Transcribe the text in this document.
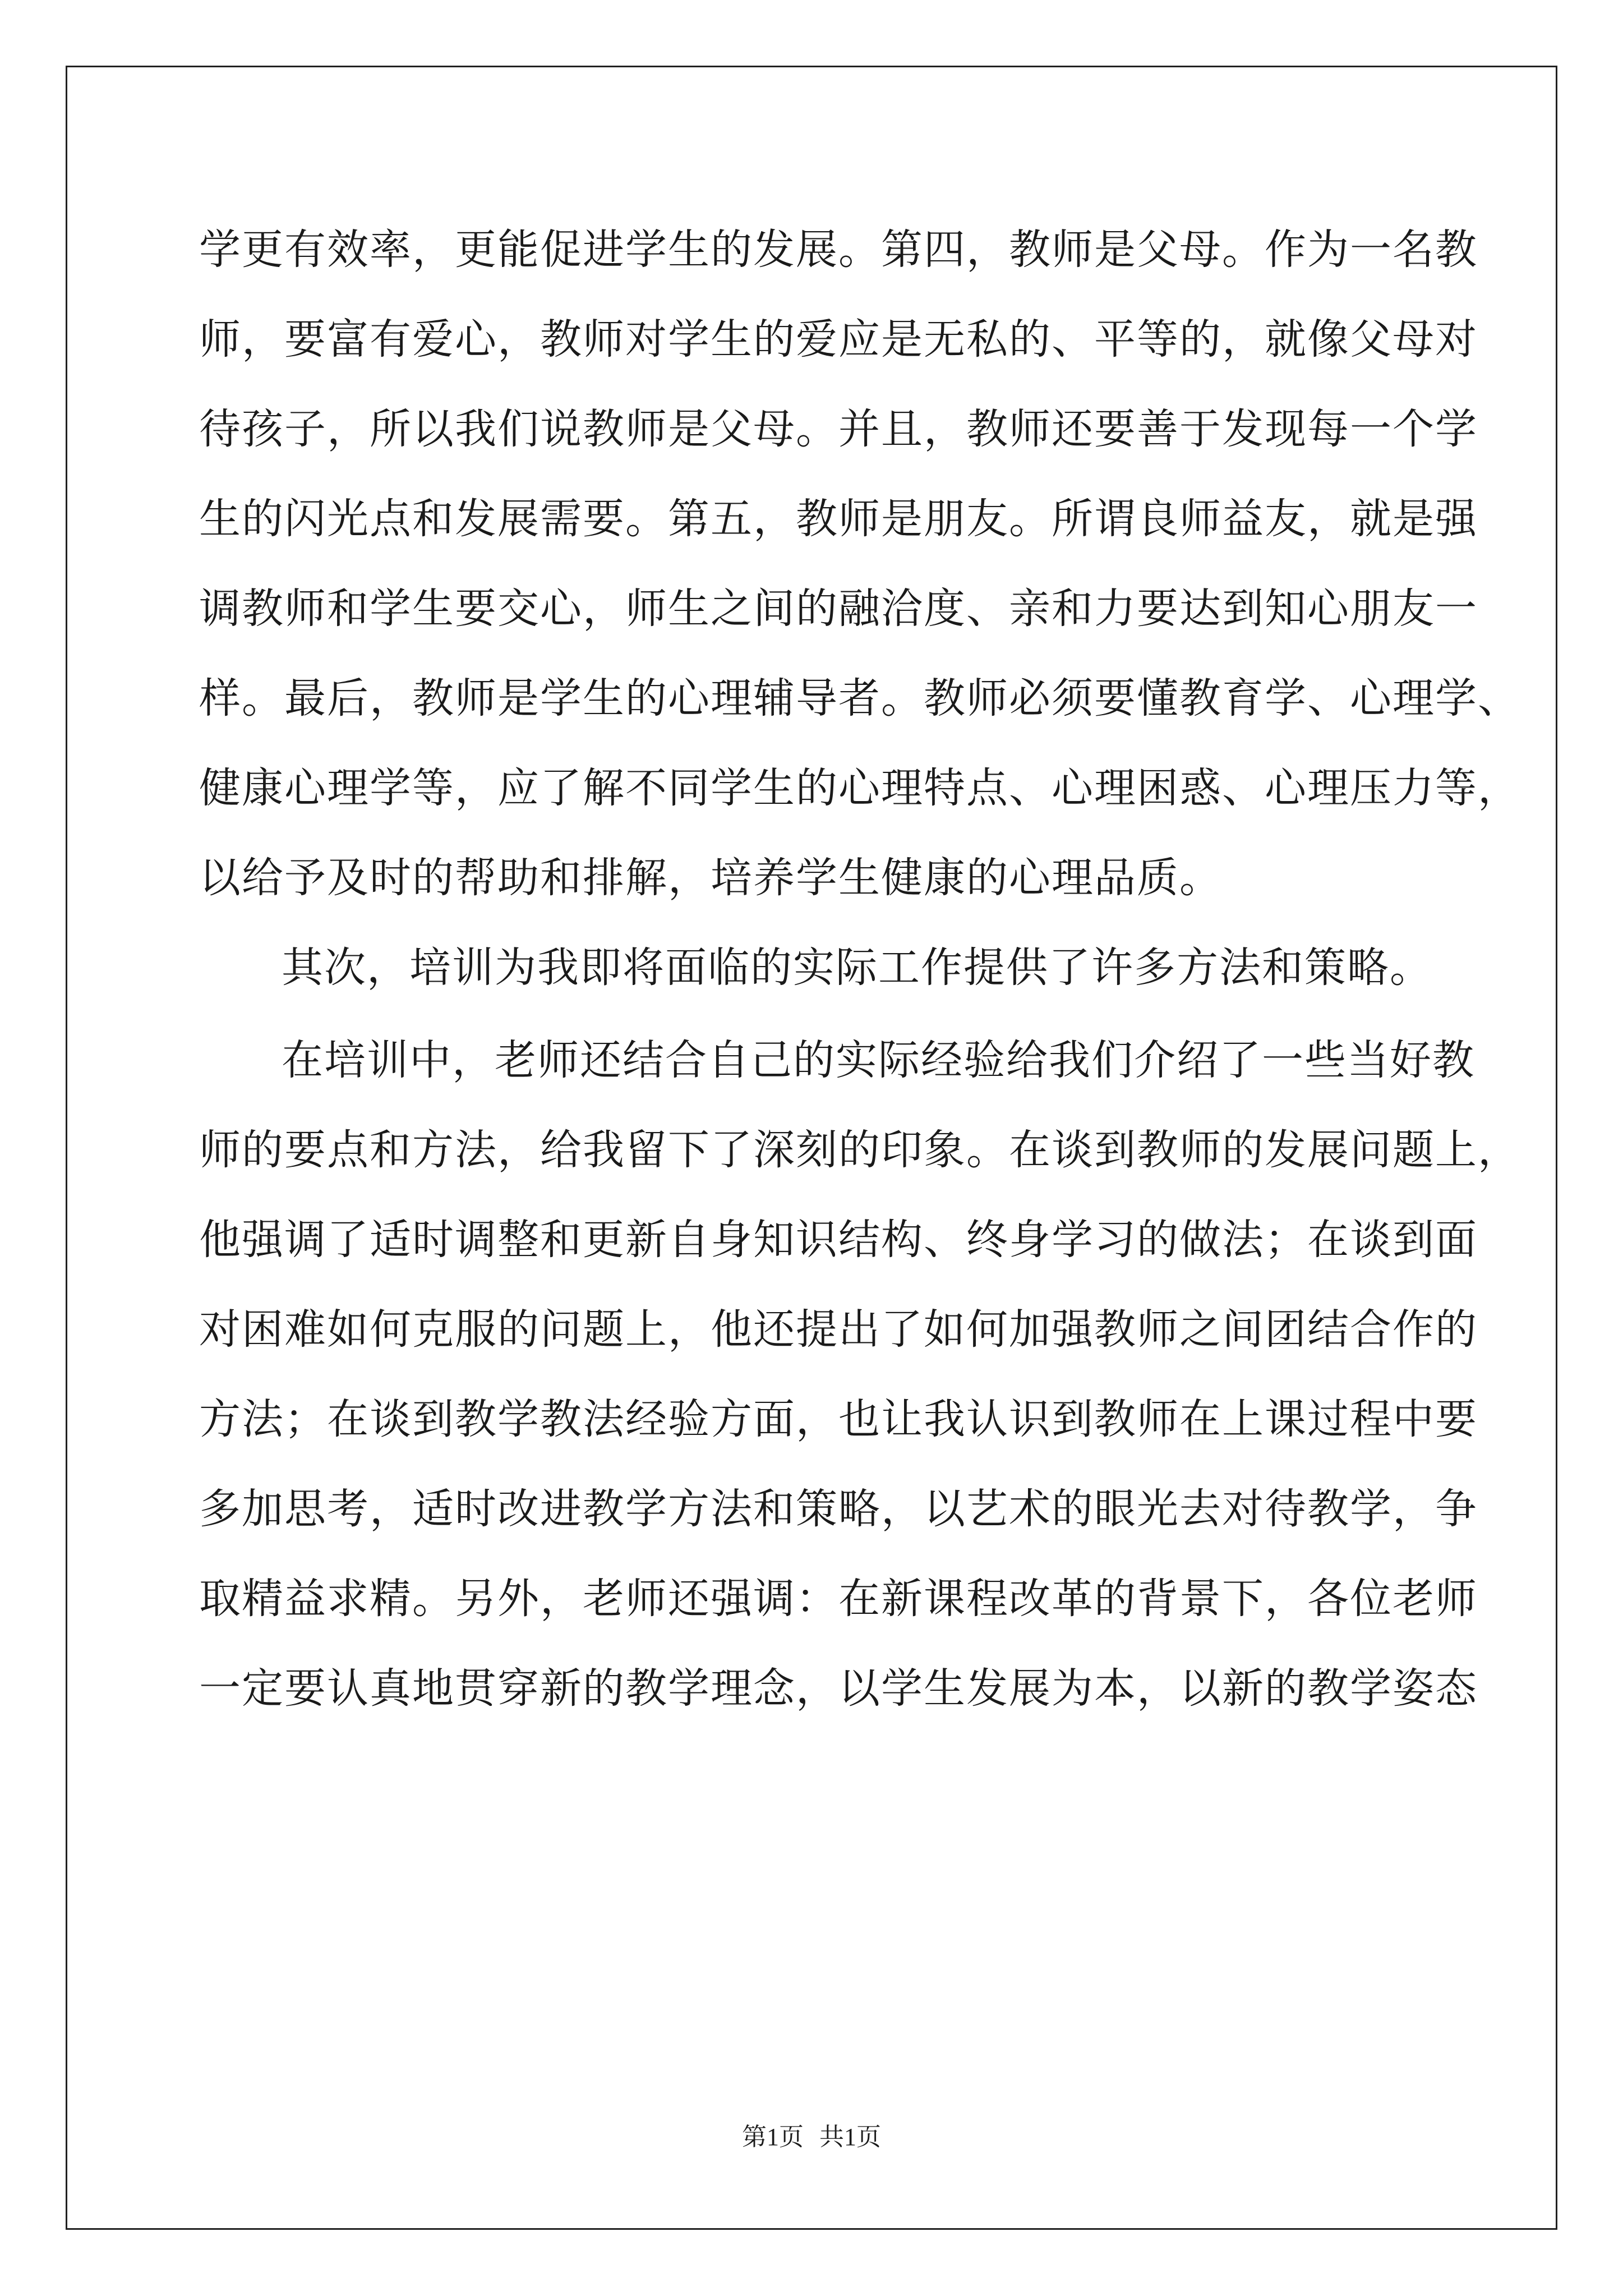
学更有效率，更能促进学生的发展。第四，教师是父母。作为一名教
师，要富有爱心，教师对学生的爱应是无私的、平等的，就像父母对
待孩子，所以我们说教师是父母。并且，教师还要善于发现每一个学
生的闪光点和发展需要。第五，教师是朋友。所谓良师益友，就是强
调教师和学生要交心，师生之间的融洽度、亲和力要达到知心朋友一
样。最后，教师是学生的心理辅导者。教师必须要懂教育学、心理学、
健康心理学等，应了解不同学生的心理特点、心理困惑、心理压力等，
以给予及时的帮助和排解，培养学生健康的心理品质。
其次，培训为我即将面临的实际工作提供了许多方法和策略。
在培训中，老师还结合自己的实际经验给我们介绍了一些当好教
师的要点和方法，给我留下了深刻的印象。在谈到教师的发展问题上，
他强调了适时调整和更新自身知识结构、终身学习的做法；在谈到面
对困难如何克服的问题上，他还提出了如何加强教师之间团结合作的
方法；在谈到教学教法经验方面，也让我认识到教师在上课过程中要
多加思考，适时改进教学方法和策略，以艺术的眼光去对待教学，争
取精益求精。另外，老师还强调：在新课程改革的背景下，各位老师
一定要认真地贯穿新的教学理念，以学生发展为本，以新的教学姿态
第1页 共1页
